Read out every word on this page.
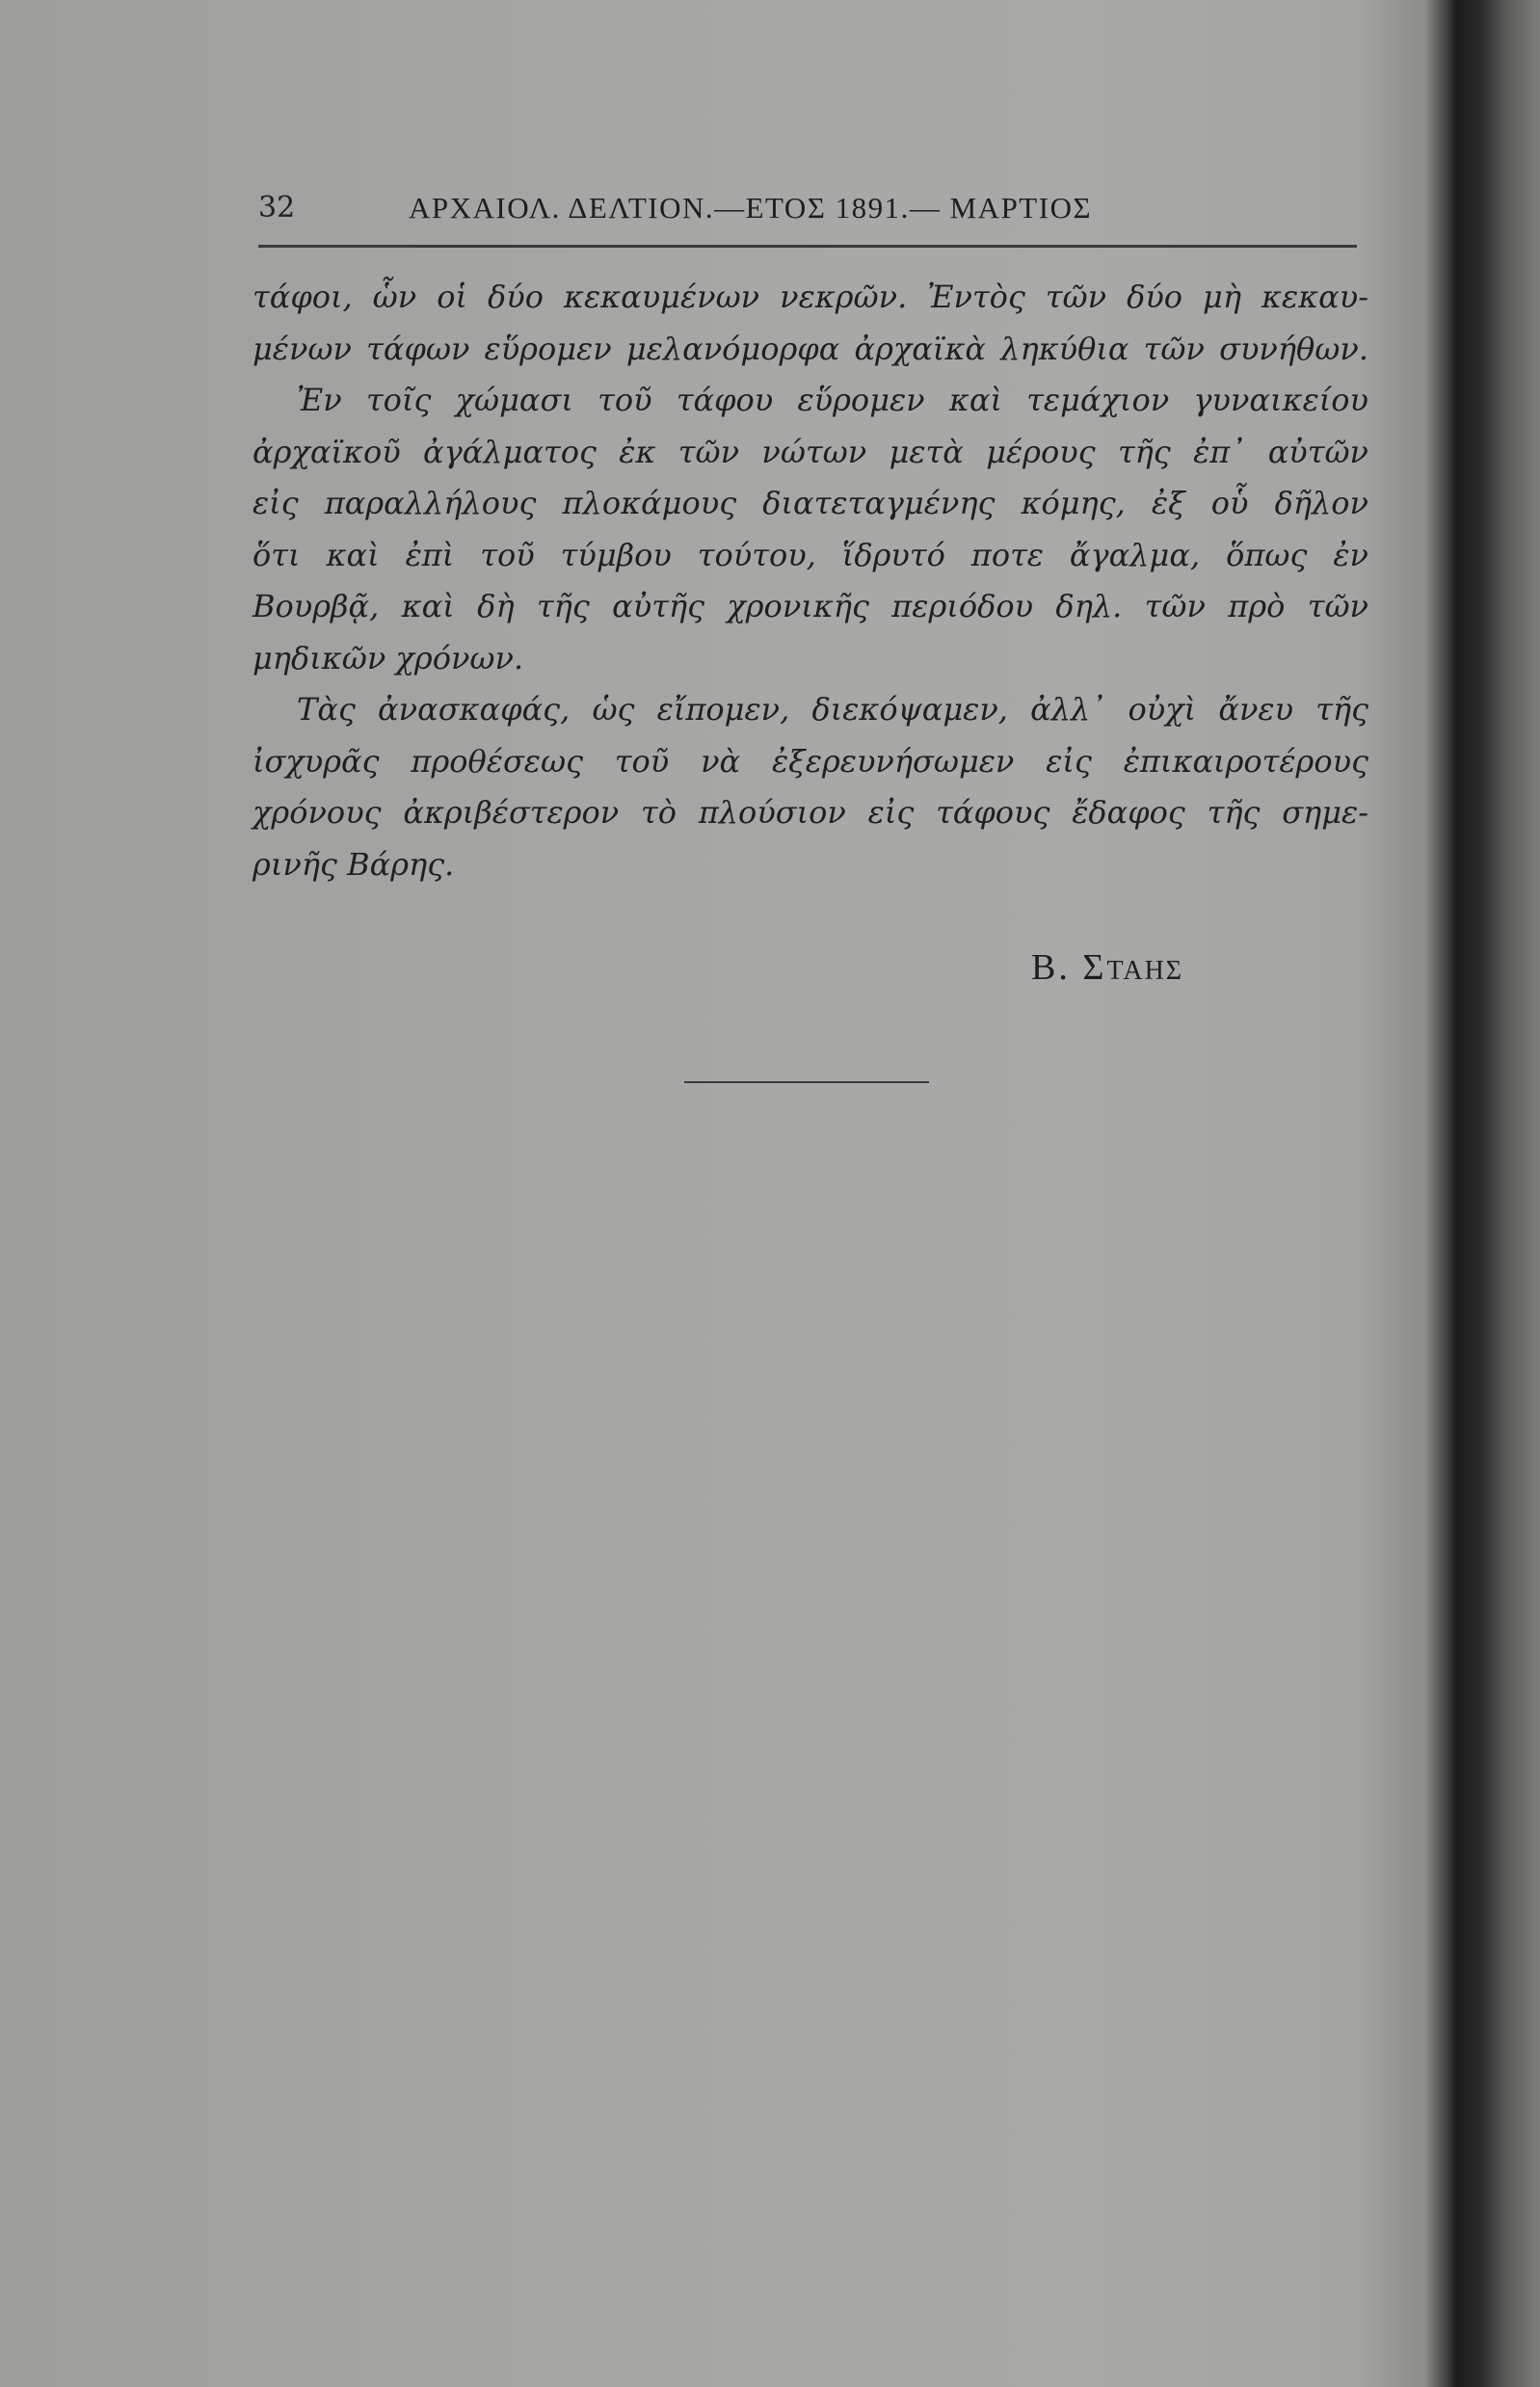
32	ΑΡΧΑΙΟΛ. ΔΕΛΤΙΟΝ.—ΕΤΟΣ 1891.— ΜΑΡΤΙΟΣ
τάφοι, ὧν οἱ δύο κεκαυμένων νεκρῶν. Ἐντὸς τῶν δύο μὴ κεκαυ-
μένων τάφων εὕρομεν μελανόμορφα ἀρχαϊκὰ ληκύθια τῶν συνήθων.
Ἐν τοῖς χώμασι τοῦ τάφου εὕρομεν καὶ τεμάχιον γυναικείου
ἀρχαϊκοῦ ἀγάλματος ἐκ τῶν νώτων μετὰ μέρους τῆς ἐπ᾽ αὐτῶν
εἰς παραλλήλους πλοκάμους διατεταγμένης κόμης, ἐξ οὗ δῆλον
ὅτι καὶ ἐπὶ τοῦ τύμβου τούτου, ἵδρυτό ποτε ἄγαλμα, ὅπως ἐν
Βουρβᾷ, καὶ δὴ τῆς αὐτῆς χρονικῆς περιόδου δηλ. τῶν πρὸ τῶν
μηδικῶν χρόνων.
Τὰς ἀνασκαφάς, ὡς εἴπομεν, διεκόψαμεν, ἀλλ᾽ οὐχὶ ἄνευ τῆς
ἰσχυρᾶς προθέσεως τοῦ νὰ ἐξερευνήσωμεν εἰς ἐπικαιροτέρους
χρόνους ἀκριβέστερον τὸ πλούσιον εἰς τάφους ἔδαφος τῆς σημε-
ρινῆς Βάρης.
Β. ΣΤΑΗΣ
